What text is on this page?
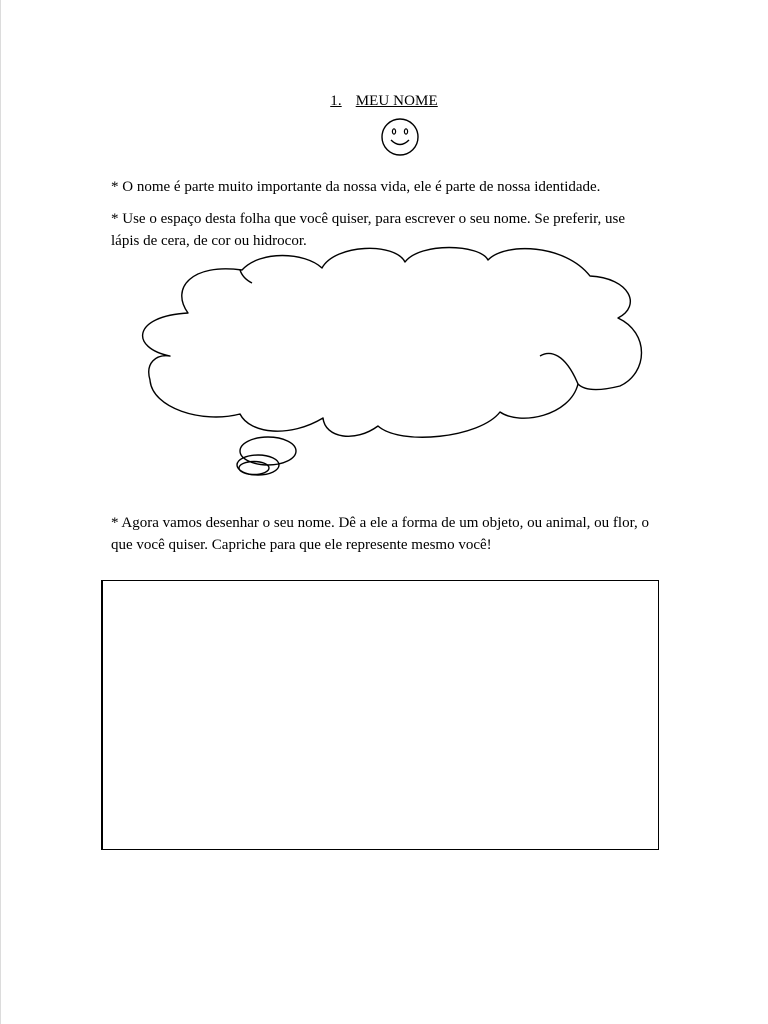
1. MEU NOME

* O nome é parte muito importante da nossa vida, ele é parte de nossa identidade.

* Use o espaço desta folha que você quiser, para escrever o seu nome. Se preferir, use lápis de cera, de cor ou hidrocor.

* Agora vamos desenhar o seu nome. Dê a ele a forma de um objeto, ou animal, ou flor, o que você quiser. Capriche para que ele represente mesmo você!
